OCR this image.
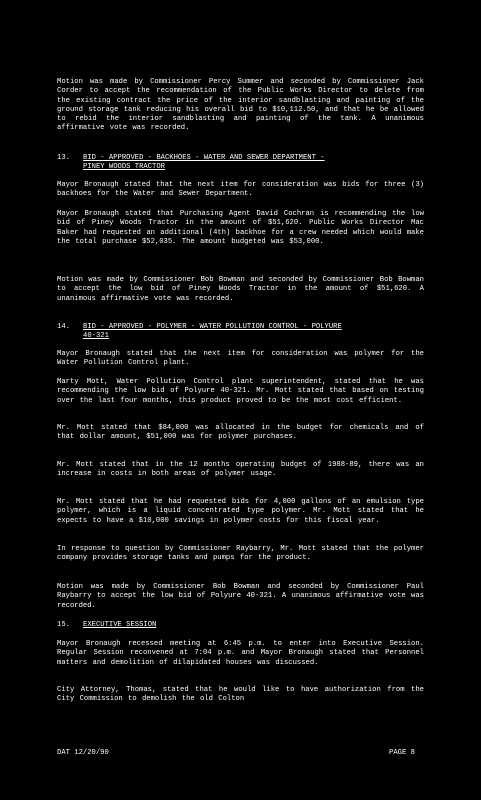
Motion was made by Commissioner Percy Summer and seconded by Commissioner Jack Corder to accept the recommendation of the Public Works Director to delete from the existing contract the price of the interior sandblasting and painting of the ground storage tank reducing his overall bid to $10,112.50, and that he be allowed to rebid the interior sandblasting and painting of the tank. A unanimous affirmative vote was recorded.

13. BID - APPROVED - BACKHOES - WATER AND SEWER DEPARTMENT -
PINEY WOODS TRACTOR

Mayor Bronaugh stated that the next item for consideration was bids for three (3) backhoes for the Water and Sewer Department.

Mayor Bronaugh stated that Purchasing Agent David Cochran is recommending the low bid of Piney Woods Tractor in the amount of $51,620. Public Works Director Mac Baker had requested an additional (4th) backhoe for a crew needed which would make the total purchase $52,035. The amount budgeted was $53,000.

Motion was made by Commissioner Bob Bowman and seconded by Commissioner Bob Bowman to accept the low bid of Piney Woods Tractor in the amount of $51,620. A unanimous affirmative vote was recorded.

14. BID - APPROVED - POLYMER - WATER POLLUTION CONTROL - POLYURE
40-321

Mayor Bronaugh stated that the next item for consideration was polymer for the Water Pollution Control plant.

Marty Mott, Water Pollution Control plant superintendent, stated that he was recommending the low bid of Polyure 40-321. Mr. Mott stated that based on testing over the last four months, this product proved to be the most cost efficient.

Mr. Mott stated that $84,000 was allocated in the budget for chemicals and of that dollar amount, $51,000 was for polymer purchases.

Mr. Mott stated that in the 12 months operating budget of 1988-89, there was an increase in costs in both areas of polymer usage.

Mr. Mott stated that he had requested bids for 4,000 gallons of an emulsion type polymer, which is a liquid concentrated type polymer. Mr. Mott stated that he expects to have a $10,000 savings in polymer costs for this fiscal year.

In response to question by Commissioner Raybarry, Mr. Mott stated that the polymer company provides storage tanks and pumps for the product.

Motion was made by Commissioner Bob Bowman and seconded by Commissioner Paul Raybarry to accept the low bid of Polyure 40-321. A unanimous affirmative vote was recorded.

15. EXECUTIVE SESSION

Mayor Bronaugh recessed meeting at 6:45 p.m. to enter into Executive Session. Regular Session reconvened at 7:04 p.m. and Mayor Bronaugh stated that Personnel matters and demolition of dilapidated houses was discussed.

City Attorney, Thomas, stated that he would like to have authorization from the City Commission to demolish the old Colton

DAT 12/20/90	PAGE 8
